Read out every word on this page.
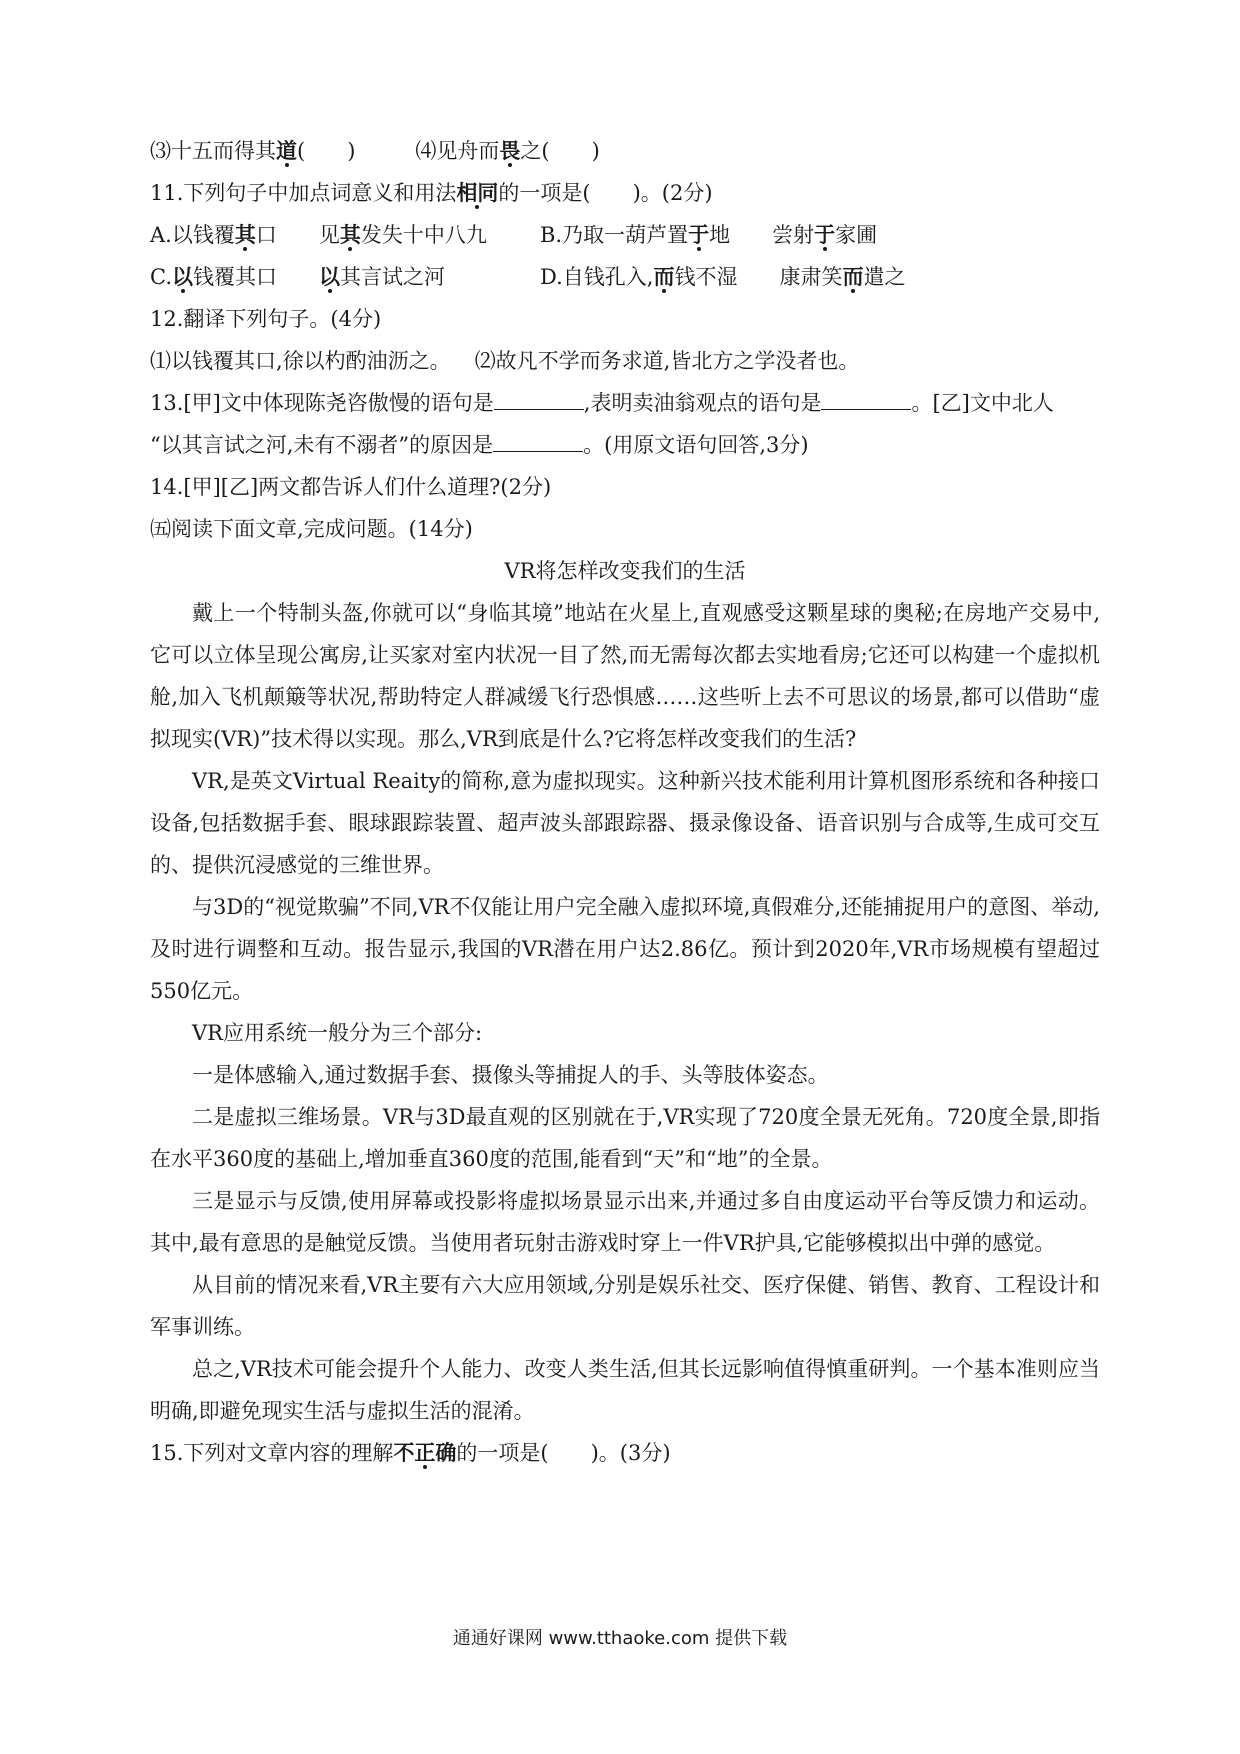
⑶十五而得其道(　　)	⑷见舟而畏之(　　)
11.下列句子中加点词意义和用法相同的一项是(　　)。(2分)
A.以钱覆其口　　见其发失十中八九	B.乃取一葫芦置于地　　尝射于家圃
C.以钱覆其口　　以其言试之河	D.自钱孔入,而钱不湿　　康肃笑而遣之
12.翻译下列句子。(4分)
⑴以钱覆其口,徐以杓酌油沥之。 ⑵故凡不学而务求道,皆北方之学没者也。
13.[甲]文中体现陈尧咨傲慢的语句是	,表明卖油翁观点的语句是	。[乙]文中北人
“以其言试之河,未有不溺者”的原因是	。(用原文语句回答,3分)
14.[甲][乙]两文都告诉人们什么道理?(2分)
㈤阅读下面文章,完成问题。(14分)
VR将怎样改变我们的生活
戴上一个特制头盔,你就可以“身临其境”地站在火星上,直观感受这颗星球的奥秘;在房地产交易中,它可以立体呈现公寓房,让买家对室内状况一目了然,而无需每次都去实地看房;它还可以构建一个虚拟机舱,加入飞机颠簸等状况,帮助特定人群减缓飞行恐惧感……这些听上去不可思议的场景,都可以借助“虚拟现实(VR)”技术得以实现。那么,VR到底是什么?它将怎样改变我们的生活?
VR,是英文Virtual Reaity的简称,意为虚拟现实。这种新兴技术能利用计算机图形系统和各种接口设备,包括数据手套、眼球跟踪装置、超声波头部跟踪器、摄录像设备、语音识别与合成等,生成可交互的、提供沉浸感觉的三维世界。
与3D的“视觉欺骗”不同,VR不仅能让用户完全融入虚拟环境,真假难分,还能捕捉用户的意图、举动,及时进行调整和互动。报告显示,我国的VR潜在用户达2.86亿。预计到2020年,VR市场规模有望超过550亿元。
VR应用系统一般分为三个部分:
一是体感输入,通过数据手套、摄像头等捕捉人的手、头等肢体姿态。
二是虚拟三维场景。VR与3D最直观的区别就在于,VR实现了720度全景无死角。720度全景,即指在水平360度的基础上,增加垂直360度的范围,能看到“天”和“地”的全景。
三是显示与反馈,使用屏幕或投影将虚拟场景显示出来,并通过多自由度运动平台等反馈力和运动。其中,最有意思的是触觉反馈。当使用者玩射击游戏时穿上一件VR护具,它能够模拟出中弹的感觉。
从目前的情况来看,VR主要有六大应用领域,分别是娱乐社交、医疗保健、销售、教育、工程设计和军事训练。
总之,VR技术可能会提升个人能力、改变人类生活,但其长远影响值得慎重研判。一个基本准则应当明确,即避免现实生活与虚拟生活的混淆。
15.下列对文章内容的理解不正确的一项是(　　)。(3分)
通通好课网 www.tthaoke.com 提供下载
